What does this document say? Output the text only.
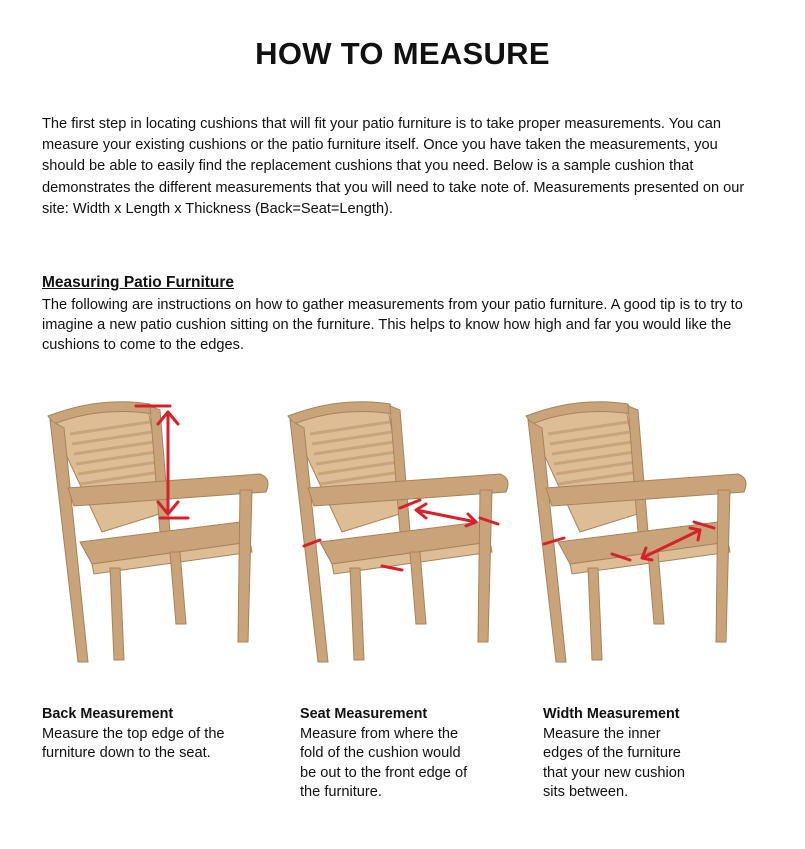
HOW TO MEASURE

The first step in locating cushions that will fit your patio furniture is to take proper measurements. You can measure your existing cushions or the patio furniture itself. Once you have taken the measurements, you should be able to easily find the replacement cushions that you need. Below is a sample cushion that demonstrates the different measurements that you will need to take note of. Measurements presented on our site: Width x Length x Thickness (Back=Seat=Length).

Measuring Patio Furniture

The following are instructions on how to gather measurements from your patio furniture. A good tip is to try to imagine a new patio cushion sitting on the furniture. This helps to know how high and far you would like the cushions to come to the edges.

Back Measurement
Measure the top edge of the furniture down to the seat.
Seat Measurement
Measure from where the fold of the cushion would be out to the front edge of the furniture.
Width Measurement
Measure the inner edges of the furniture that your new cushion sits between.
